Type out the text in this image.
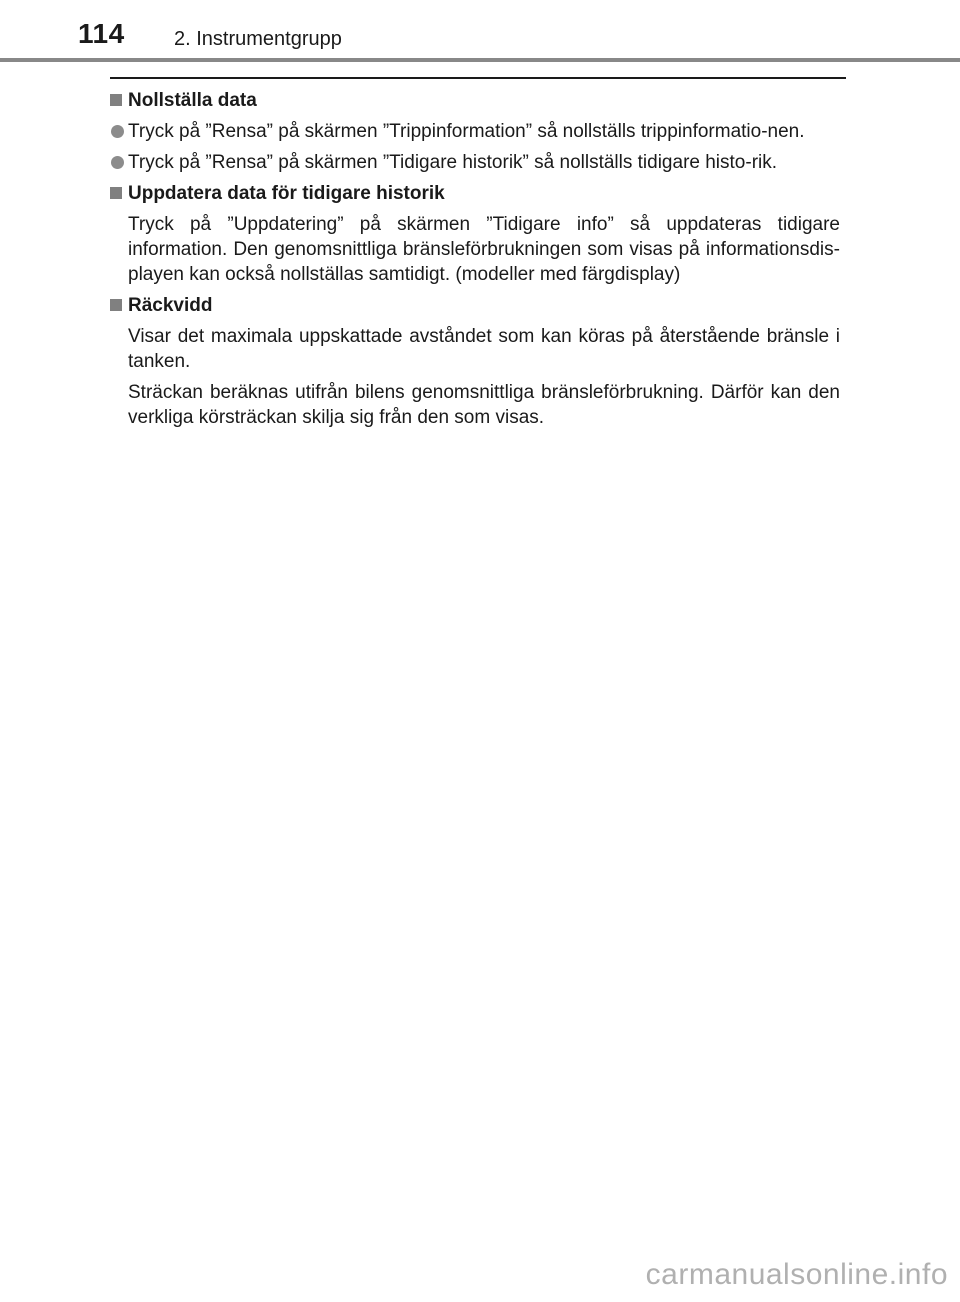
114 2. Instrumentgrupp
Nollställa data
Tryck på ”Rensa” på skärmen ”Trippinformation” så nollställs trippinformatio-nen.
Tryck på ”Rensa” på skärmen ”Tidigare historik” så nollställs tidigare histo-rik.
Uppdatera data för tidigare historik
Tryck på ”Uppdatering” på skärmen ”Tidigare info” så uppdateras tidigare information. Den genomsnittliga bränsleförbrukningen som visas på informationsdis-playen kan också nollställas samtidigt. (modeller med färgdisplay)
Räckvidd
Visar det maximala uppskattade avståndet som kan köras på återstående bränsle i tanken.
Sträckan beräknas utifrån bilens genomsnittliga bränsleförbrukning. Därför kan den verkliga körsträckan skilja sig från den som visas.
carmanualsonline.info
